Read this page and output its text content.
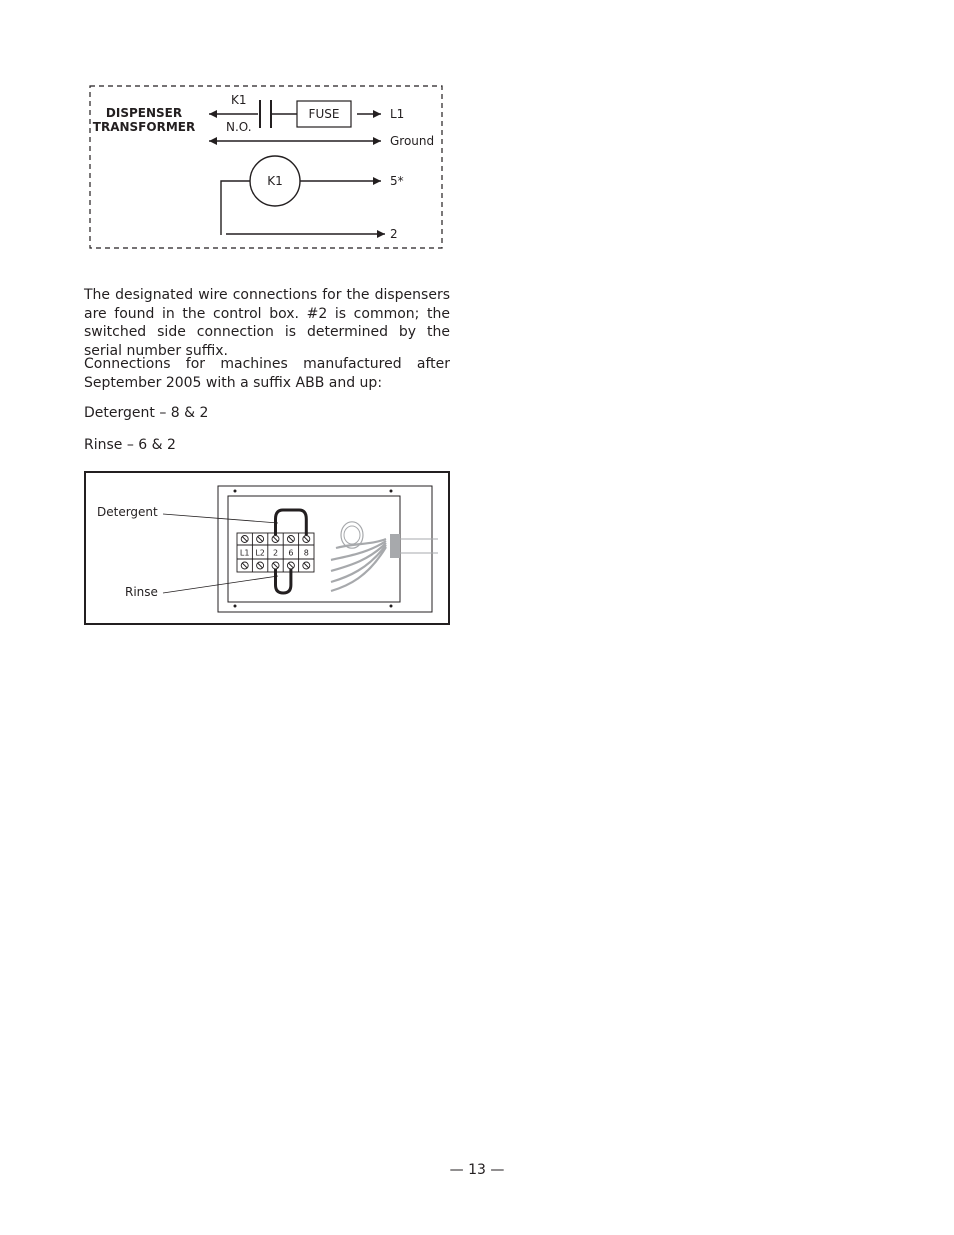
DISPENSER
TRANSFORMER
K1
N.O.
FUSE	L1
Ground
K1	5*
2

The designated wire connections for the dispensers are found in the control box. #2 is common; the switched side connection is determined by the serial number suffix.

Connections for machines manufactured after September 2005 with a suffix ABB and up:

Detergent – 8 & 2

Rinse – 6 & 2

L1 L2 2 6 8
Detergent
Rinse
— 13 —
